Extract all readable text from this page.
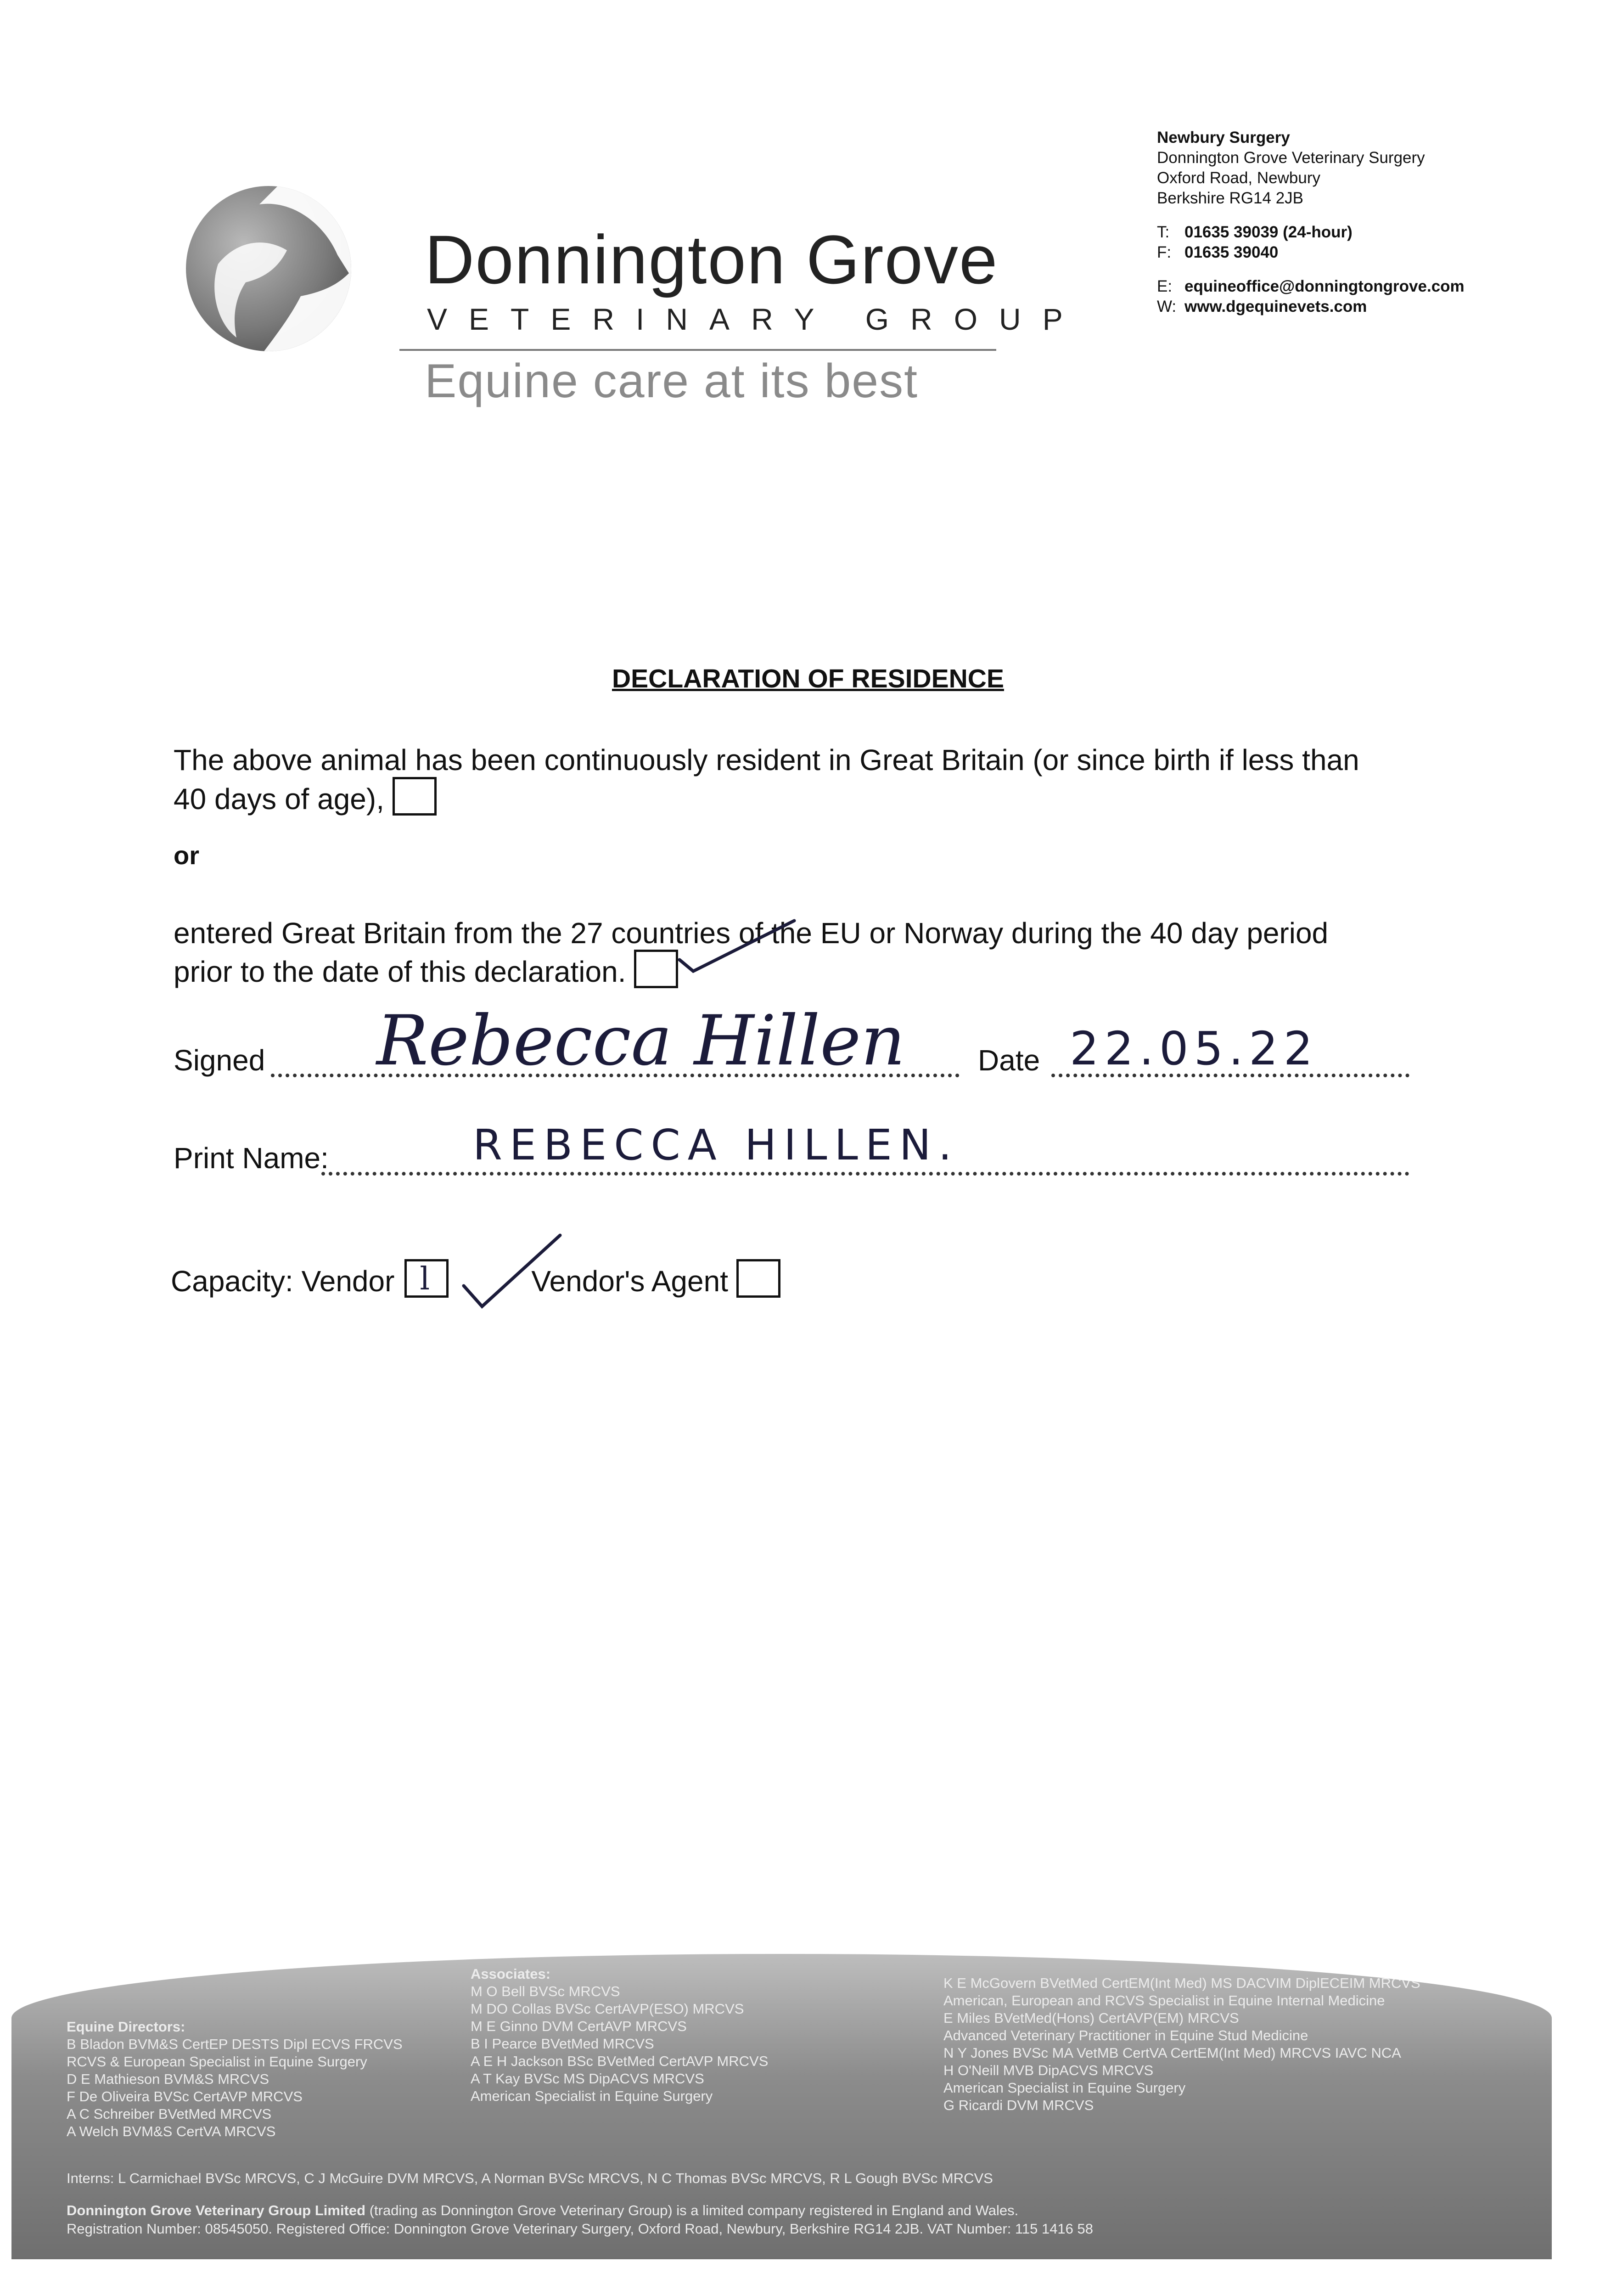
Donnington Grove
VETERINARY GROUP
Equine care at its best
Newbury Surgery
Donnington Grove Veterinary Surgery
Oxford Road, Newbury
Berkshire RG14 2JB
T: 01635 39039 (24-hour)
F: 01635 39040
E: equineoffice@donningtongrove.com
W: www.dgequinevets.com
DECLARATION OF RESIDENCE
The above animal has been continuously resident in Great Britain (or since birth if less than
40 days of age),
or
entered Great Britain from the 27 countries of the EU or Norway during the 40 day period
prior to the date of this declaration.
Signed Rebecca Hillen Date 22.05.22
Print Name:	REBECCA HILLEN.
Capacity: Vendor l	Vendor's Agent
Equine Directors:
B Bladon BVM&S CertEP DESTS Dipl ECVS FRCVS
RCVS & European Specialist in Equine Surgery
D E Mathieson BVM&S MRCVS
F De Oliveira BVSc CertAVP MRCVS
A C Schreiber BVetMed MRCVS
A Welch BVM&S CertVA MRCVS
Associates:
M O Bell BVSc MRCVS
M DO Collas BVSc CertAVP(ESO) MRCVS
M E Ginno DVM CertAVP MRCVS
B I Pearce BVetMed MRCVS
A E H Jackson BSc BVetMed CertAVP MRCVS
A T Kay BVSc MS DipACVS MRCVS
American Specialist in Equine Surgery
K E McGovern BVetMed CertEM(Int Med) MS DACVIM DiplECEIM MRCVS
American, European and RCVS Specialist in Equine Internal Medicine
E Miles BVetMed(Hons) CertAVP(EM) MRCVS
Advanced Veterinary Practitioner in Equine Stud Medicine
N Y Jones BVSc MA VetMB CertVA CertEM(Int Med) MRCVS IAVC NCA
H O'Neill MVB DipACVS MRCVS
American Specialist in Equine Surgery
G Ricardi DVM MRCVS
Interns: L Carmichael BVSc MRCVS, C J McGuire DVM MRCVS, A Norman BVSc MRCVS, N C Thomas BVSc MRCVS, R L Gough BVSc MRCVS
Donnington Grove Veterinary Group Limited (trading as Donnington Grove Veterinary Group) is a limited company registered in England and Wales.
Registration Number: 08545050. Registered Office: Donnington Grove Veterinary Surgery, Oxford Road, Newbury, Berkshire RG14 2JB. VAT Number: 115 1416 58
